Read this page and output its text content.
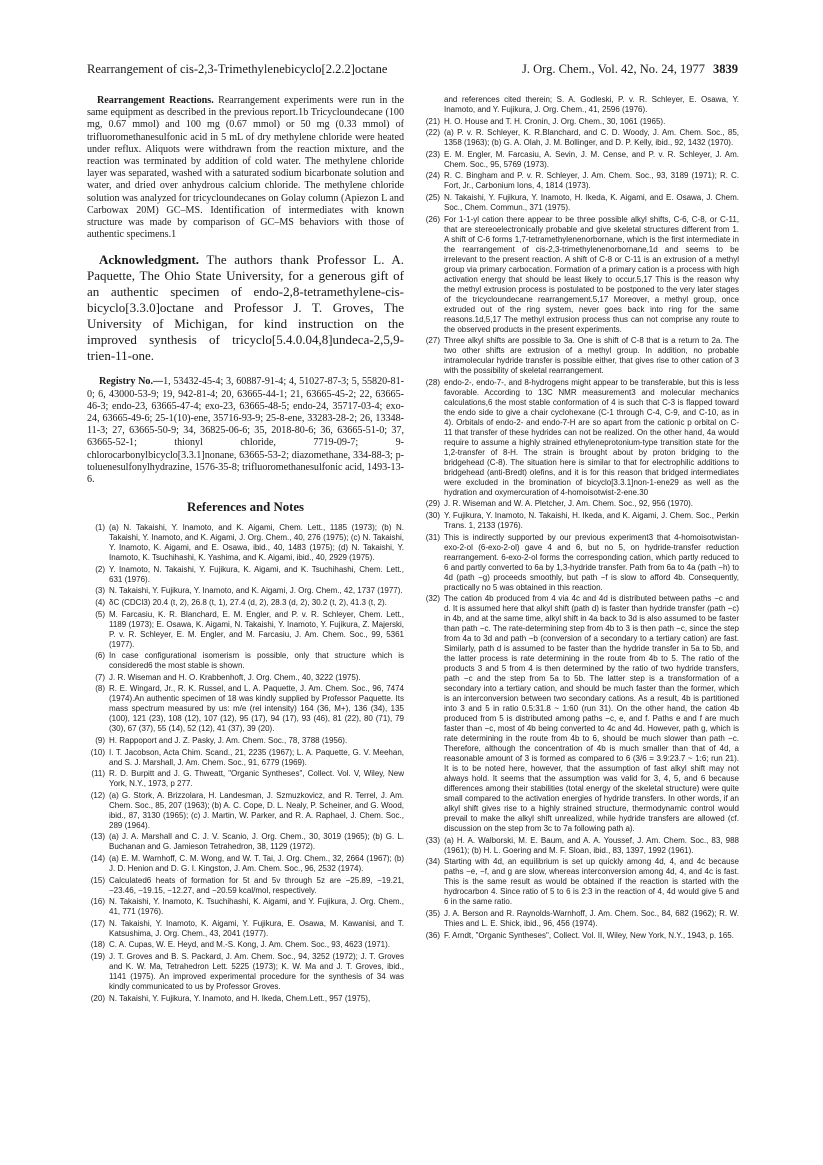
Rearrangement of cis-2,3-Trimethylenebicyclo[2.2.2]octane	J. Org. Chem., Vol. 42, No. 24, 1977 3839

Rearrangement Reactions. Rearrangement experiments were run in the same equipment as described in the previous report.1b Tricycloundecane (100 mg, 0.67 mmol) and 100 mg (0.67 mmol) or 50 mg (0.33 mmol) of trifluoromethanesulfonic acid in 5 mL of dry methylene chloride were heated under reflux. Aliquots were withdrawn from the reaction mixture, and the reaction was terminated by addition of cold water. The methylene chloride layer was separated, washed with a saturated sodium bicarbonate solution and water, and dried over anhydrous calcium chloride. The methylene chloride solution was analyzed for tricycloundecanes on Golay column (Apiezon L and Carbowax 20M) GC–MS. Identification of intermediates with known structure was made by comparison of GC–MS behaviors with those of authentic specimens.1

Acknowledgment. The authors thank Professor L. A. Paquette, The Ohio State University, for a generous gift of an authentic specimen of endo-2,8-tetramethylene-cis-bicyclo[3.3.0]octane and Professor J. T. Groves, The University of Michigan, for kind instruction on the improved synthesis of tricyclo[5.4.0.04,8]undeca-2,5,9-trien-11-one.

Registry No.—1, 53432-45-4; 3, 60887-91-4; 4, 51027-87-3; 5, 55820-81-0; 6, 43000-53-9; 19, 942-81-4; 20, 63665-44-1; 21, 63665-45-2; 22, 63665-46-3; endo-23, 63665-47-4; exo-23, 63665-48-5; endo-24, 35717-03-4; exo-24, 63665-49-6; 25-1(10)-ene, 35716-93-9; 25-8-ene, 33283-28-2; 26, 13348-11-3; 27, 63665-50-9; 34, 36825-06-6; 35, 2018-80-6; 36, 63665-51-0; 37, 63665-52-1; thionyl chloride, 7719-09-7; 9-chlorocarbonylbicyclo[3.3.1]nonane, 63665-53-2; diazomethane, 334-88-3; p-toluenesulfonylhydrazine, 1576-35-8; trifluoromethanesulfonic acid, 1493-13-6.

References and Notes
(1) (a) N. Takaishi, Y. Inamoto, and K. Aigami, Chem. Lett., 1185 (1973); (b) N. Takaishi, Y. Inamoto, and K. Aigami, J. Org. Chem., 40, 276 (1975); (c) N. Takaishi, Y. Inamoto, K. Aigami, and E. Osawa, ibid., 40, 1483 (1975); (d) N. Takaishi, Y. Inamoto, K. Tsuchihashi, K. Yashima, and K. Aigami, ibid., 40, 2929 (1975).
(2) Y. Inamoto, N. Takaishi, Y. Fujikura, K. Aigami, and K. Tsuchihashi, Chem. Lett., 631 (1976).
(3) N. Takaishi, Y. Fujikura, Y. Inamoto, and K. Aigami, J. Org. Chem., 42, 1737 (1977).
(4) δC (CDCl3) 20.4 (t, 2), 26.8 (t, 1), 27.4 (d, 2), 28.3 (d, 2), 30.2 (t, 2), 41.3 (t, 2).
(5) M. Farcasiu, K. R. Blanchard, E. M. Engler, and P. v. R. Schleyer, Chem. Lett., 1189 (1973); E. Osawa, K. Aigami, N. Takaishi, Y. Inamoto, Y. Fujikura, Z. Majerski, P. v. R. Schleyer, E. M. Engler, and M. Farcasiu, J. Am. Chem. Soc., 99, 5361 (1977).
(6) In case configurational isomerism is possible, only that structure which is considered6 the most stable is shown.
(7) J. R. Wiseman and H. O. Krabbenhoft, J. Org. Chem., 40, 3222 (1975).
(8) R. E. Wingard, Jr., R. K. Russel, and L. A. Paquette, J. Am. Chem. Soc., 96, 7474 (1974).An authentic specimen of 18 was kindly supplied by Professor Paquette. Its mass spectrum measured by us: m/e (rel intensity) 164 (36, M+), 136 (34), 135 (100), 121 (23), 108 (12), 107 (12), 95 (17), 94 (17), 93 (46), 81 (22), 80 (71), 79 (30), 67 (37), 55 (14), 52 (12), 41 (37), 39 (20).
(9) H. Rappoport and J. Z. Pasky, J. Am. Chem. Soc., 78, 3788 (1956).
(10) I. T. Jacobson, Acta Chim. Scand., 21, 2235 (1967); L. A. Paquette, G. V. Meehan, and S. J. Marshall, J. Am. Chem. Soc., 91, 6779 (1969).
(11) R. D. Burpitt and J. G. Thweatt, "Organic Syntheses", Collect. Vol. V, Wiley, New York, N.Y., 1973, p 277.
(12) (a) G. Stork, A. Brizzolara, H. Landesman, J. Szmuzkovicz, and R. Terrel, J. Am. Chem. Soc., 85, 207 (1963); (b) A. C. Cope, D. L. Nealy, P. Scheiner, and G. Wood, ibid., 87, 3130 (1965); (c) J. Martin, W. Parker, and R. A. Raphael, J. Chem. Soc., 289 (1964).
(13) (a) J. A. Marshall and C. J. V. Scanio, J. Org. Chem., 30, 3019 (1965); (b) G. L. Buchanan and G. Jamieson Tetrahedron, 38, 1129 (1972).
(14) (a) E. M. Warnhoff, C. M. Wong, and W. T. Tai, J. Org. Chem., 32, 2664 (1967); (b) J. D. Henion and D. G. I. Kingston, J. Am. Chem. Soc., 96, 2532 (1974).
(15) Calculated6 heats of formation for 5t and 5v through 5z are −25.89, −19.21, −23.46, −19.15, −12.27, and −20.59 kcal/mol, respectively.
(16) N. Takaishi, Y. Inamoto, K. Tsuchihashi, K. Aigami, and Y. Fujikura, J. Org. Chem., 41, 771 (1976).
(17) N. Takaishi, Y. Inamoto, K. Aigami, Y. Fujikura, E. Osawa, M. Kawanisi, and T. Katsushima, J. Org. Chem., 43, 2041 (1977).
(18) C. A. Cupas, W. E. Heyd, and M.-S. Kong, J. Am. Chem. Soc., 93, 4623 (1971).
(19) J. T. Groves and B. S. Packard, J. Am. Chem. Soc., 94, 3252 (1972); J. T. Groves and K. W. Ma, Tetrahedron Lett. 5225 (1973); K. W. Ma and J. T. Groves, ibid., 1141 (1975). An improved experimental procedure for the synthesis of 34 was kindly communicated to us by Professor Groves.
(20) N. Takaishi, Y. Fujikura, Y. Inamoto, and H. Ikeda, Chem.Lett., 957 (1975),
and references cited therein; S. A. Godleski, P. v. R. Schleyer, E. Osawa, Y. Inamoto, and Y. Fujikura, J. Org. Chem., 41, 2596 (1976).
(21) H. O. House and T. H. Cronin, J. Org. Chem., 30, 1061 (1965).
(22) (a) P. v. R. Schleyer, K. R.Blanchard, and C. D. Woody, J. Am. Chem. Soc., 85, 1358 (1963); (b) G. A. Olah, J. M. Bollinger, and D. P. Kelly, ibid., 92, 1432 (1970).
(23) E. M. Engler, M. Farcasiu, A. Sevin, J. M. Cense, and P. v. R. Schleyer, J. Am. Chem. Soc., 95, 5769 (1973).
(24) R. C. Bingham and P. v. R. Schleyer, J. Am. Chem. Soc., 93, 3189 (1971); R. C. Fort, Jr., Carbonium Ions, 4, 1814 (1973).
(25) N. Takaishi, Y. Fujikura, Y. Inamoto, H. Ikeda, K. Aigami, and E. Osawa, J. Chem. Soc., Chem. Commun., 371 (1975).
(26) For 1-1-yl cation there appear to be three possible alkyl shifts, C-6, C-8, or C-11, that are stereoelectronically probable and give skeletal structures different from 1. A shift of C-6 forms 1,7-tetramethylenenorbornane, which is the first intermediate in the rearrangement of cis-2,3-trimethylenenorbornane,1d and seems to be irrelevant to the present reaction. A shift of C-8 or C-11 is an extrusion of a methyl group via primary carbocation. Formation of a primary cation is a process with high activation energy that should be least likely to occur.5,17 This is the reason why the methyl extrusion process is postulated to be postponed to the very later stages of the tricycloundecane rearrangement.5,17 Moreover, a methyl group, once extruded out of the ring system, never goes back into ring for the same reasons.1d,5,17 The methyl extrusion process thus can not comprise any route to the observed products in the present experiments.
(27) Three alkyl shifts are possible to 3a. One is shift of C-8 that is a return to 2a. The two other shifts are extrusion of a methyl group. In addition, no probable intramolecular hydride transfer is possible either, that gives rise to other cation of 3 with the possibility of skeletal rearrangement.
(28) endo-2-, endo-7-, and 8-hydrogens might appear to be transferable, but this is less favorable. According to 13C NMR measurement3 and molecular mechanics calculations,6 the most stable conformation of 4 is such that C-3 is flapped toward the endo side to give a chair cyclohexane (C-1 through C-4, C-9, and C-10, as in 4). Orbitals of endo-2- and endo-7-H are so apart from the cationic p orbital on C-11 that transfer of these hydrides can not be realized. On the other hand, 4a would require to assume a highly strained ethyleneprotonium-type transition state for the 1,2-transfer of 8-H. The strain is brought about by proton bridging to the bridgehead (C-8). The situation here is similar to that for electrophilic additions to bridgehead (anti-Bredt) olefins, and it is for this reason that bridged intermediates were excluded in the bromination of bicyclo[3.3.1]non-1-ene29 as well as the hydration and oxymercuration of 4-homoisotwist-2-ene.30
(29) J. R. Wiseman and W. A. Pletcher, J. Am. Chem. Soc., 92, 956 (1970).
(30) Y. Fujikura, Y. Inamoto, N. Takaishi, H. Ikeda, and K. Aigami, J. Chem. Soc., Perkin Trans. 1, 2133 (1976).
(31) This is indirectly supported by our previous experiment3 that 4-homoisotwistan-exo-2-ol (6-exo-2-ol) gave 4 and 6, but no 5, on hydride-transfer reduction rearrangement. 6-exo-2-ol forms the corresponding cation, which partly reduced to 6 and partly converted to 6a by 1,3-hydride transfer. Path from 6a to 4a (path −h) to 4d (path −g) proceeds smoothly, but path −f is slow to afford 4b. Consequently, practically no 5 was obtained in this reaction.
(32) The cation 4b produced from 4 via 4c and 4d is distributed between paths −c and d. It is assumed here that alkyl shift (path d) is faster than hydride transfer (path −c) in 4b, and at the same time, alkyl shift in 4a back to 3d is also assumed to be faster than path −c. The rate-determining step from 4b to 3 is then path −c, since the step from 4a to 3d and path −b (conversion of a secondary to a tertiary cation) are fast. Similarly, path d is assumed to be faster than the hydride transfer in 5a to 5b, and the latter process is rate determining in the route from 4b to 5. The ratio of the products 3 and 5 from 4 is then determined by the ratio of two hydride transfers, path −c and the step from 5a to 5b. The latter step is a transformation of a secondary into a tertiary cation, and should be much faster than the former, which is an interconversion between two secondary cations. As a result, 4b is partitioned into 3 and 5 in ratio 0.5:31.8 ~ 1:60 (run 31). On the other hand, the cation 4b produced from 5 is distributed among paths −c, e, and f. Paths e and f are much faster than −c, most of 4b being converted to 4c and 4d. However, path g, which is rate determining in the route from 4b to 6, should be much slower than path −c. Therefore, although the concentration of 4b is much smaller than that of 4d, a reasonable amount of 3 is formed as compared to 6 (3/6 = 3.9:23.7 ~ 1:6; run 21). It is to be noted here, however, that the assumption of fast alkyl shift may not always hold. It seems that the assumption was valid for 3, 4, 5, and 6 because differences among their stabilities (total energy of the skeletal structure) were quite small compared to the activation energies of hydride transfers. In other words, if an alkyl shift gives rise to a highly strained structure, thermodynamic control would prevail to make the alkyl shift unrealized, while hydride transfers are allowed (cf. discussion on the step from 3c to 7a following path a).
(33) (a) H. A. Walborski, M. E. Baum, and A. A. Youssef, J. Am. Chem. Soc., 83, 988 (1961); (b) H. L. Goering and M. F. Sloan, ibid., 83, 1397, 1992 (1961).
(34) Starting with 4d, an equilibrium is set up quickly among 4d, 4, and 4c because paths −e, −f, and g are slow, whereas interconversion among 4d, 4, and 4c is fast. This is the same result as would be obtained if the reaction is started with the hydrocarbon 4. Since ratio of 5 to 6 is 2:3 in the reaction of 4, 4d would give 5 and 6 in the same ratio.
(35) J. A. Berson and R. Raynolds-Warnhoff, J. Am. Chem. Soc., 84, 682 (1962); R. W. Thies and L. E. Shick, ibid., 96, 456 (1974).
(36) F. Arndt, "Organic Syntheses", Collect. Vol. II, Wiley, New York, N.Y., 1943, p. 165.
